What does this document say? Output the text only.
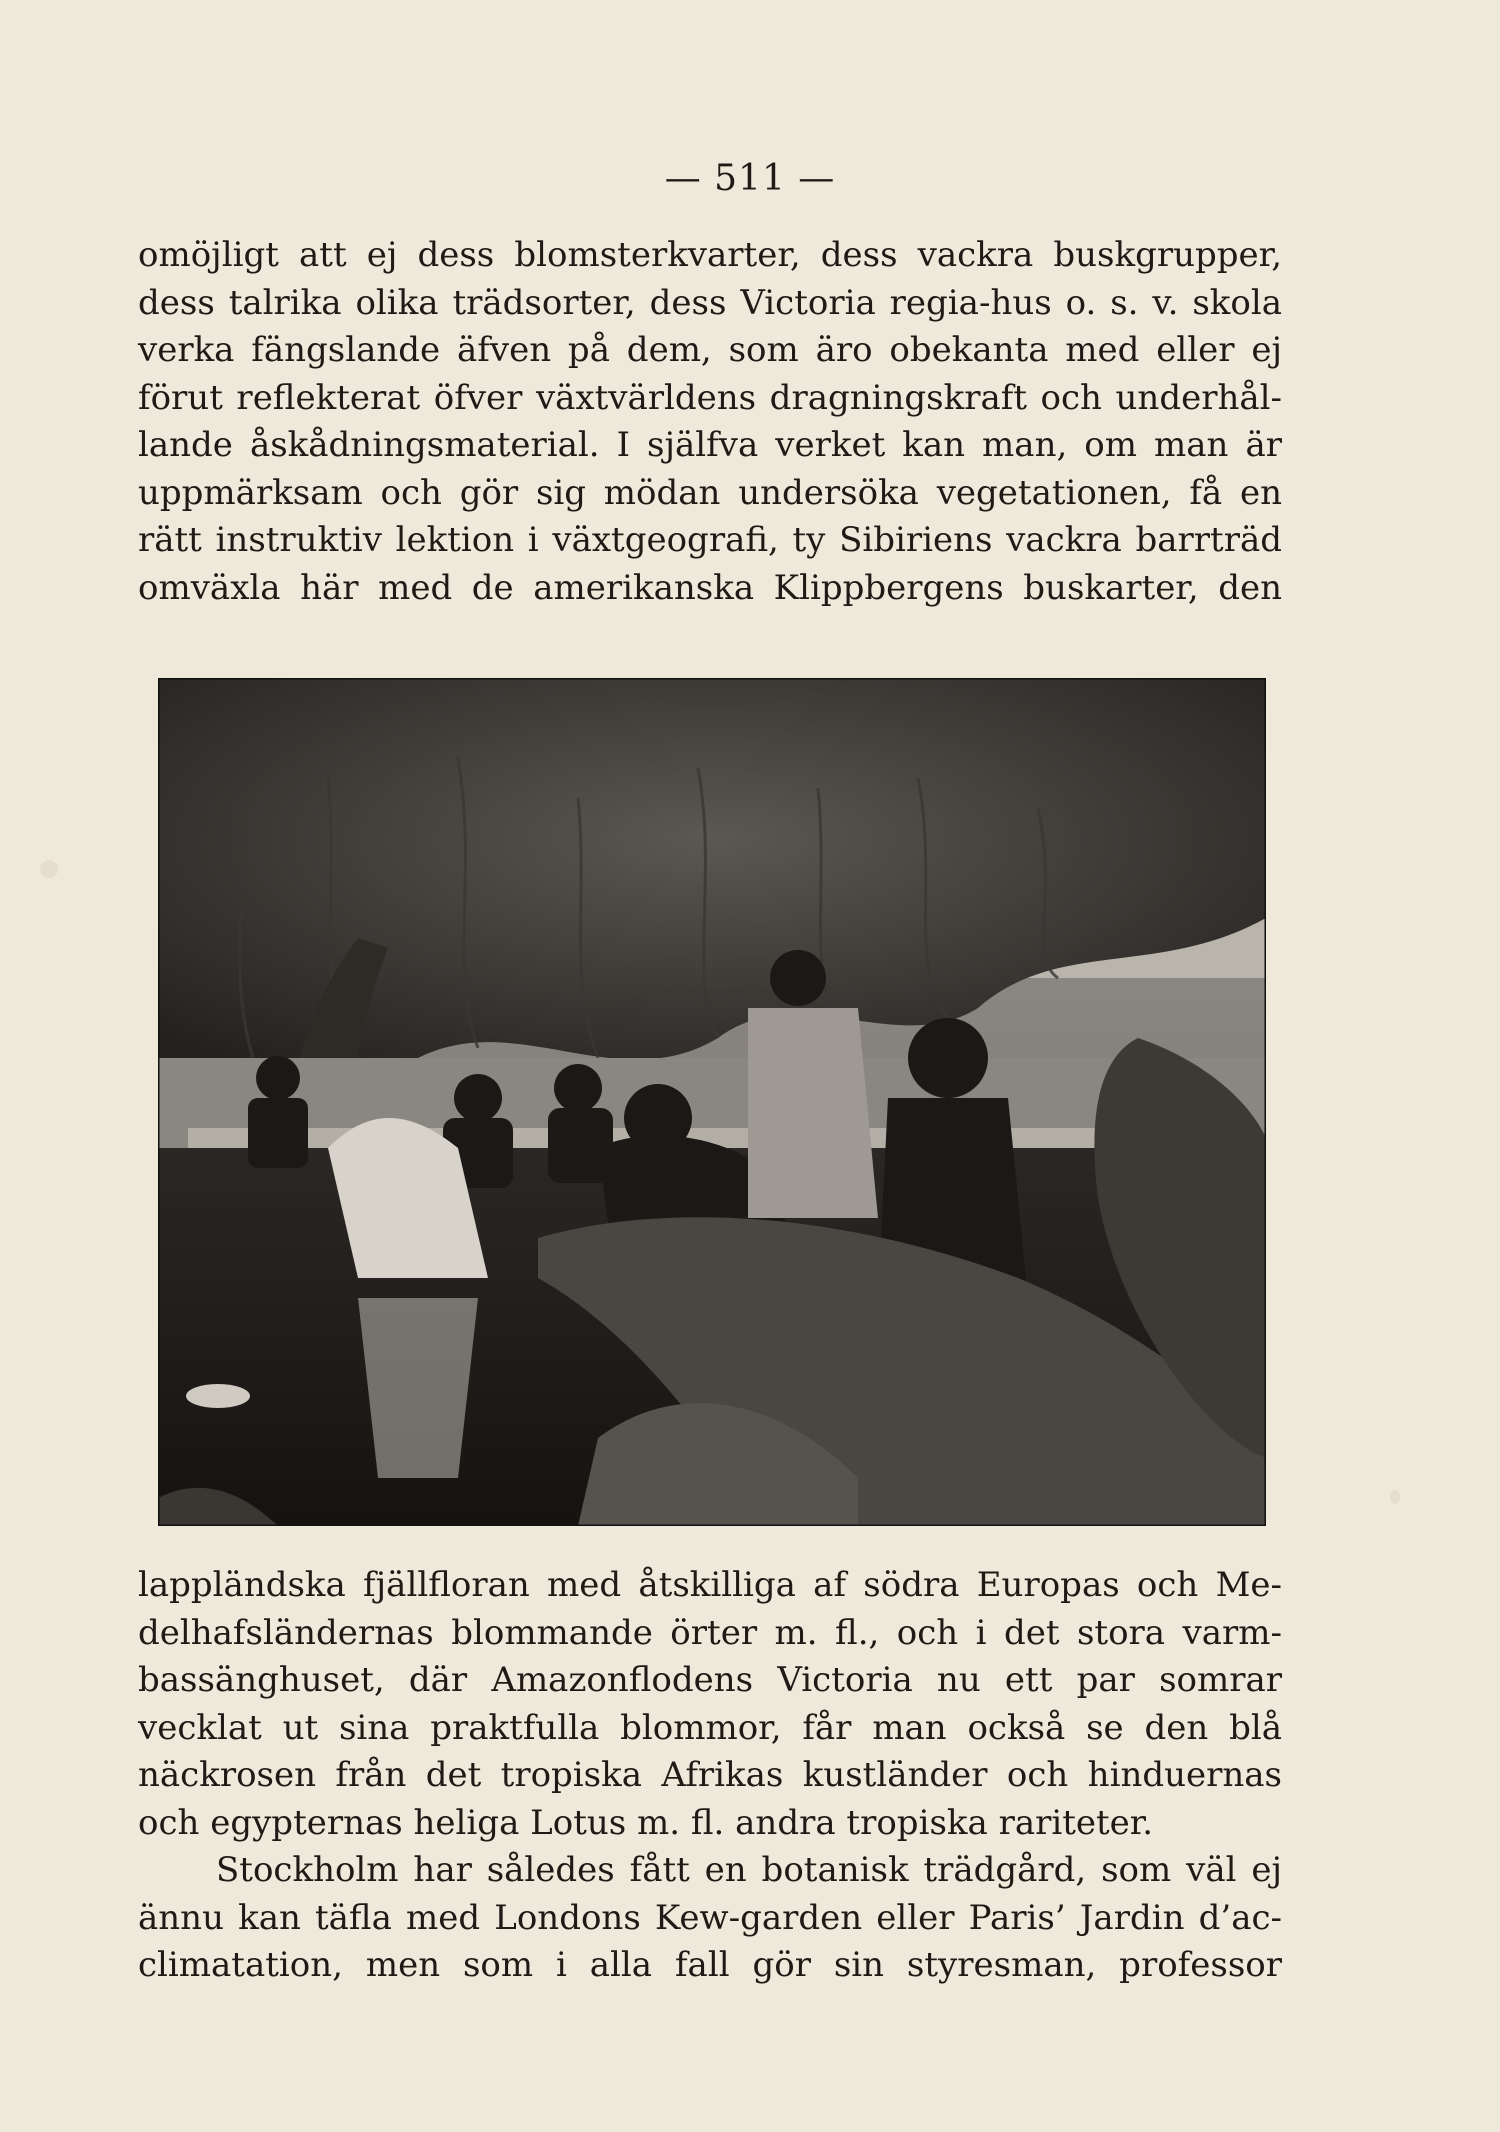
— 511 —
omöjligt att ej dess blomsterkvarter, dess vackra buskgrupper,
dess talrika olika trädsorter, dess Victoria regia-hus o. s. v. skola
verka fängslande äfven på dem, som äro obekanta med eller ej
förut reflekterat öfver växtvärldens dragningskraft och underhål-
lande åskådningsmaterial. I själfva verket kan man, om man är
uppmärksam och gör sig mödan undersöka vegetationen, få en
rätt instruktiv lektion i växtgeografi, ty Sibiriens vackra barrträd
omväxla här med de amerikanska Klippbergens buskarter, den
lappländska fjällfloran med åtskilliga af södra Europas och Me-
delhafsländernas blommande örter m. fl., och i det stora varm-
bassänghuset, där Amazonflodens Victoria nu ett par somrar
vecklat ut sina praktfulla blommor, får man också se den blå
näckrosen från det tropiska Afrikas kustländer och hinduernas
och egypternas heliga Lotus m. fl. andra tropiska rariteter.
Stockholm har således fått en botanisk trädgård, som väl ej
ännu kan täfla med Londons Kew-garden eller Paris’ Jardin d’ac-
climatation, men som i alla fall gör sin styresman, professor
